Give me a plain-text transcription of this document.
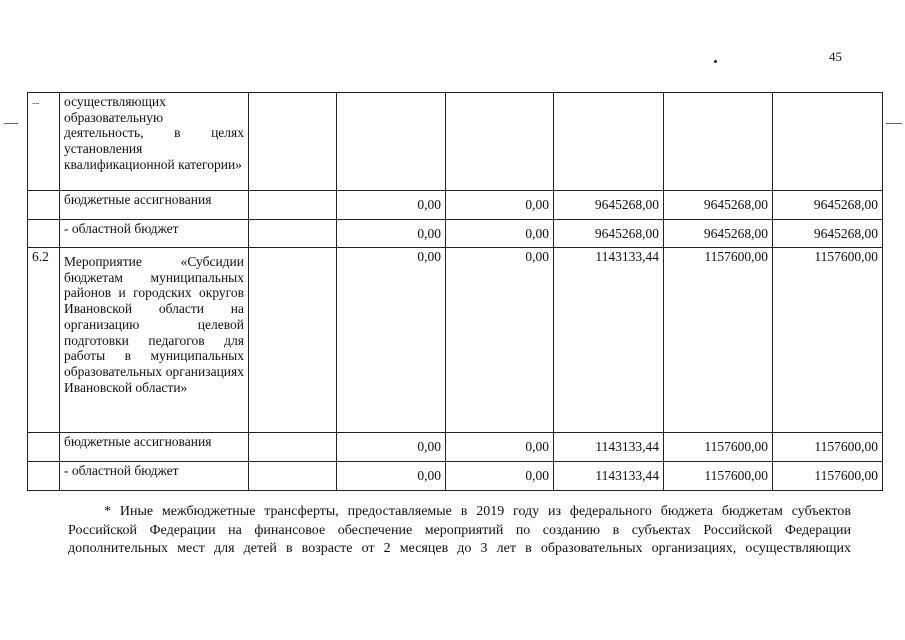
45
--	осуществляющих образовательную деятельность, в целях установления квалификационной категории»						
	бюджетные ассигнования		0,00	0,00	9645268,00	9645268,00	9645268,00
	- областной бюджет		0,00	0,00	9645268,00	9645268,00	9645268,00
6.2	Мероприятие «Субсидии бюджетам муниципальных районов и городских округов Ивановской области на организацию целевой подготовки педагогов для работы в муниципальных образовательных организациях Ивановской области»		0,00	0,00	1143133,44	1157600,00	1157600,00
	бюджетные ассигнования		0,00	0,00	1143133,44	1157600,00	1157600,00
	- областной бюджет		0,00	0,00	1143133,44	1157600,00	1157600,00

* Иные межбюджетные трансферты, предоставляемые в 2019 году из федерального бюджета бюджетам субъектов Российской Федерации на финансовое обеспечение мероприятий по созданию в субъектах Российской Федерации дополнительных мест для детей в возрасте от 2 месяцев до 3 лет в образовательных организациях, осуществляющих
